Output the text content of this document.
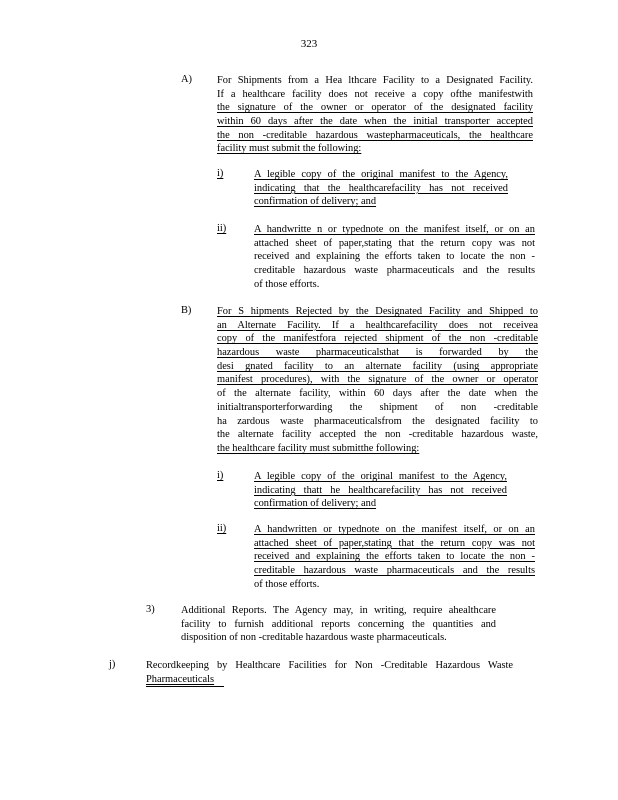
323
A) For Shipments from a Hea lthcare Facility to a Designated Facility.
If a healthcare facility does not receive a copy ofthe manifestwith
the signature of the owner or operator of the designated facility
within 60 days after the date when the initial transporter accepted
the non -creditable hazardous wastepharmaceuticals, the healthcare
facility must submit the following:
i)	A legible copy of the original manifest to the Agency,
indicating that the healthcarefacility has not received
confirmation of delivery; and
ii)	A handwritte n or typednote on the manifest itself, or on an
attached sheet of paper,stating that the return copy was not
received and explaining the efforts taken to locate the non -
creditable hazardous waste pharmaceuticals and the results
of those efforts.
B) For S hipments Rejected by the Designated Facility and Shipped to
an Alternate Facility. If a healthcarefacility does not receivea
copy of the manifestfora rejected shipment of the non -creditable
hazardous waste pharmaceuticalsthat is forwarded by the
desi gnated facility to an alternate facility (using appropriate
manifest procedures), with the signature of the owner or operator
of the alternate facility, within 60 days after the date when the
initialtransporterforwarding the shipment of non -creditable
ha zardous waste pharmaceuticalsfrom the designated facility to
the alternate facility accepted the non -creditable hazardous waste,
the healthcare facility must submitthe following:
i)	A legible copy of the original manifest to the Agency,
indicating thatt he healthcarefacility has not received
confirmation of delivery; and
ii)	A handwritten or typednote on the manifest itself, or on an
attached sheet of paper,stating that the return copy was not
received and explaining the efforts taken to locate the non -
creditable hazardous waste pharmaceuticals and the results
of those efforts.
3)	Additional Reports. The Agency may, in writing, require ahealthcare
facility to furnish additional reports concerning the quantities and
disposition of non -creditable hazardous waste pharmaceuticals.
j)	Recordkeeping by Healthcare Facilities for Non -Creditable Hazardous Waste
Pharmaceuticals
